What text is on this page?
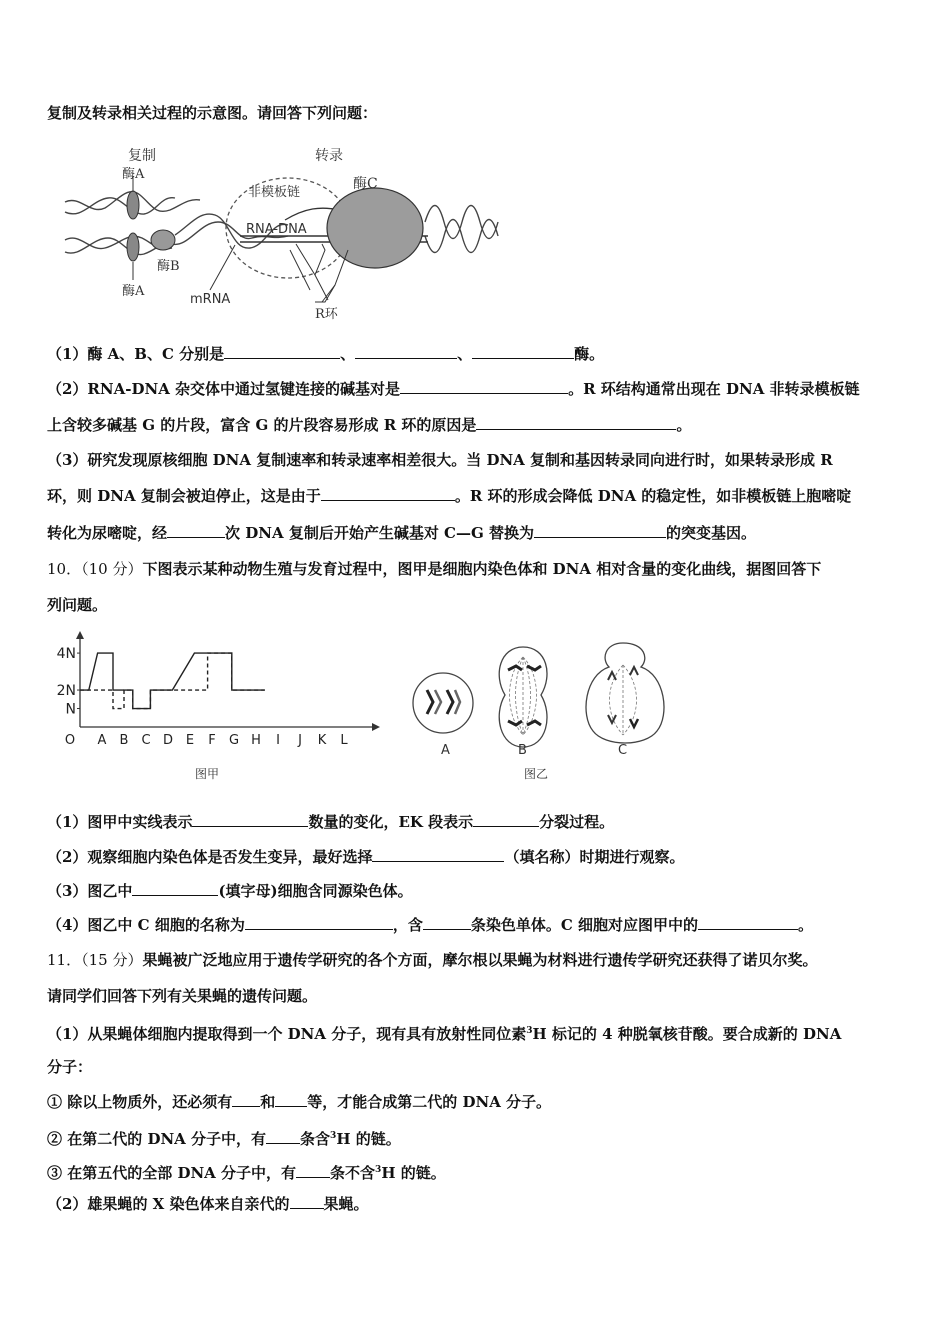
复制及转录相关过程的示意图。请回答下列问题：
复制	转录
酶A
酶A
酶B
酶C
非模板链
RNA-DNA
mRNA
R环
（1）酶 A、B、C 分别是	、	、	酶。
（2）RNA-DNA 杂交体中通过氢键连接的碱基对是	。R 环结构通常出现在 DNA 非转录模板链
上含较多碱基 G 的片段，富含 G 的片段容易形成 R 环的原因是	。
（3）研究发现原核细胞 DNA 复制速率和转录速率相差很大。当 DNA 复制和基因转录同向进行时，如果转录形成 R
环，则 DNA 复制会被迫停止，这是由于	。R 环的形成会降低 DNA 的稳定性，如非模板链上胞嘧啶
转化为尿嘧啶，经	次 DNA 复制后开始产生碱基对 C—G 替换为	的突变基因。
10．（10 分）下图表示某种动物生殖与发育过程中，图甲是细胞内染色体和 DNA 相对含量的变化曲线，据图回答下
列问题。
N
2N
4N
O A B C D E F G H I J K L
图甲
A	B	C
图乙
（1）图甲中实线表示	数量的变化，EK 段表示	分裂过程。
（2）观察细胞内染色体是否发生变异，最好选择	（填名称）时期进行观察。
（3）图乙中	(填字母)细胞含同源染色体。
（4）图乙中 C 细胞的名称为	，含	条染色单体。C 细胞对应图甲中的	。
11．（15 分）果蝇被广泛地应用于遗传学研究的各个方面，摩尔根以果蝇为材料进行遗传学研究还获得了诺贝尔奖。
请同学们回答下列有关果蝇的遗传问题。
（1）从果蝇体细胞内提取得到一个 DNA 分子，现有具有放射性同位素$^3$H 标记的 4 种脱氧核苷酸。要合成新的 DNA
分子：
① 除以上物质外，还必须有 和 等，才能合成第二代的 DNA 分子。
② 在第二代的 DNA 分子中，有 条含$^3$H 的链。
③ 在第五代的全部 DNA 分子中，有 条不含$^3$H 的链。
（2）雄果蝇的 X 染色体来自亲代的 果蝇。
